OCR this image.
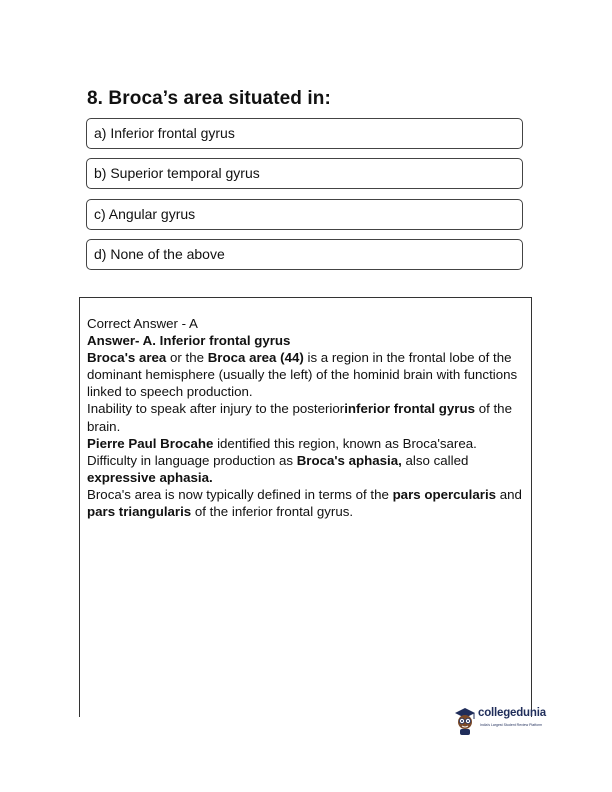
8. Broca’s area situated in:
a) Inferior frontal gyrus
b) Superior temporal gyrus
c) Angular gyrus
d) None of the above

Correct Answer - A

Answer- A. Inferior frontal gyrus

Broca's area or the Broca area (44) is a region in the frontal lobe of the dominant hemisphere (usually the left) of the hominid brain with functions linked to speech production.

Inability to speak after injury to the posteriorinferior frontal gyrus of the brain.

Pierre Paul Brocahe identified this region, known as Broca'sarea.

Difficulty in language production as Broca's aphasia, also called expressive aphasia.

Broca's area is now typically defined in terms of the pars opercularis and pars triangularis of the inferior frontal gyrus.

collegedunia
India's Largest Student Review Platform
